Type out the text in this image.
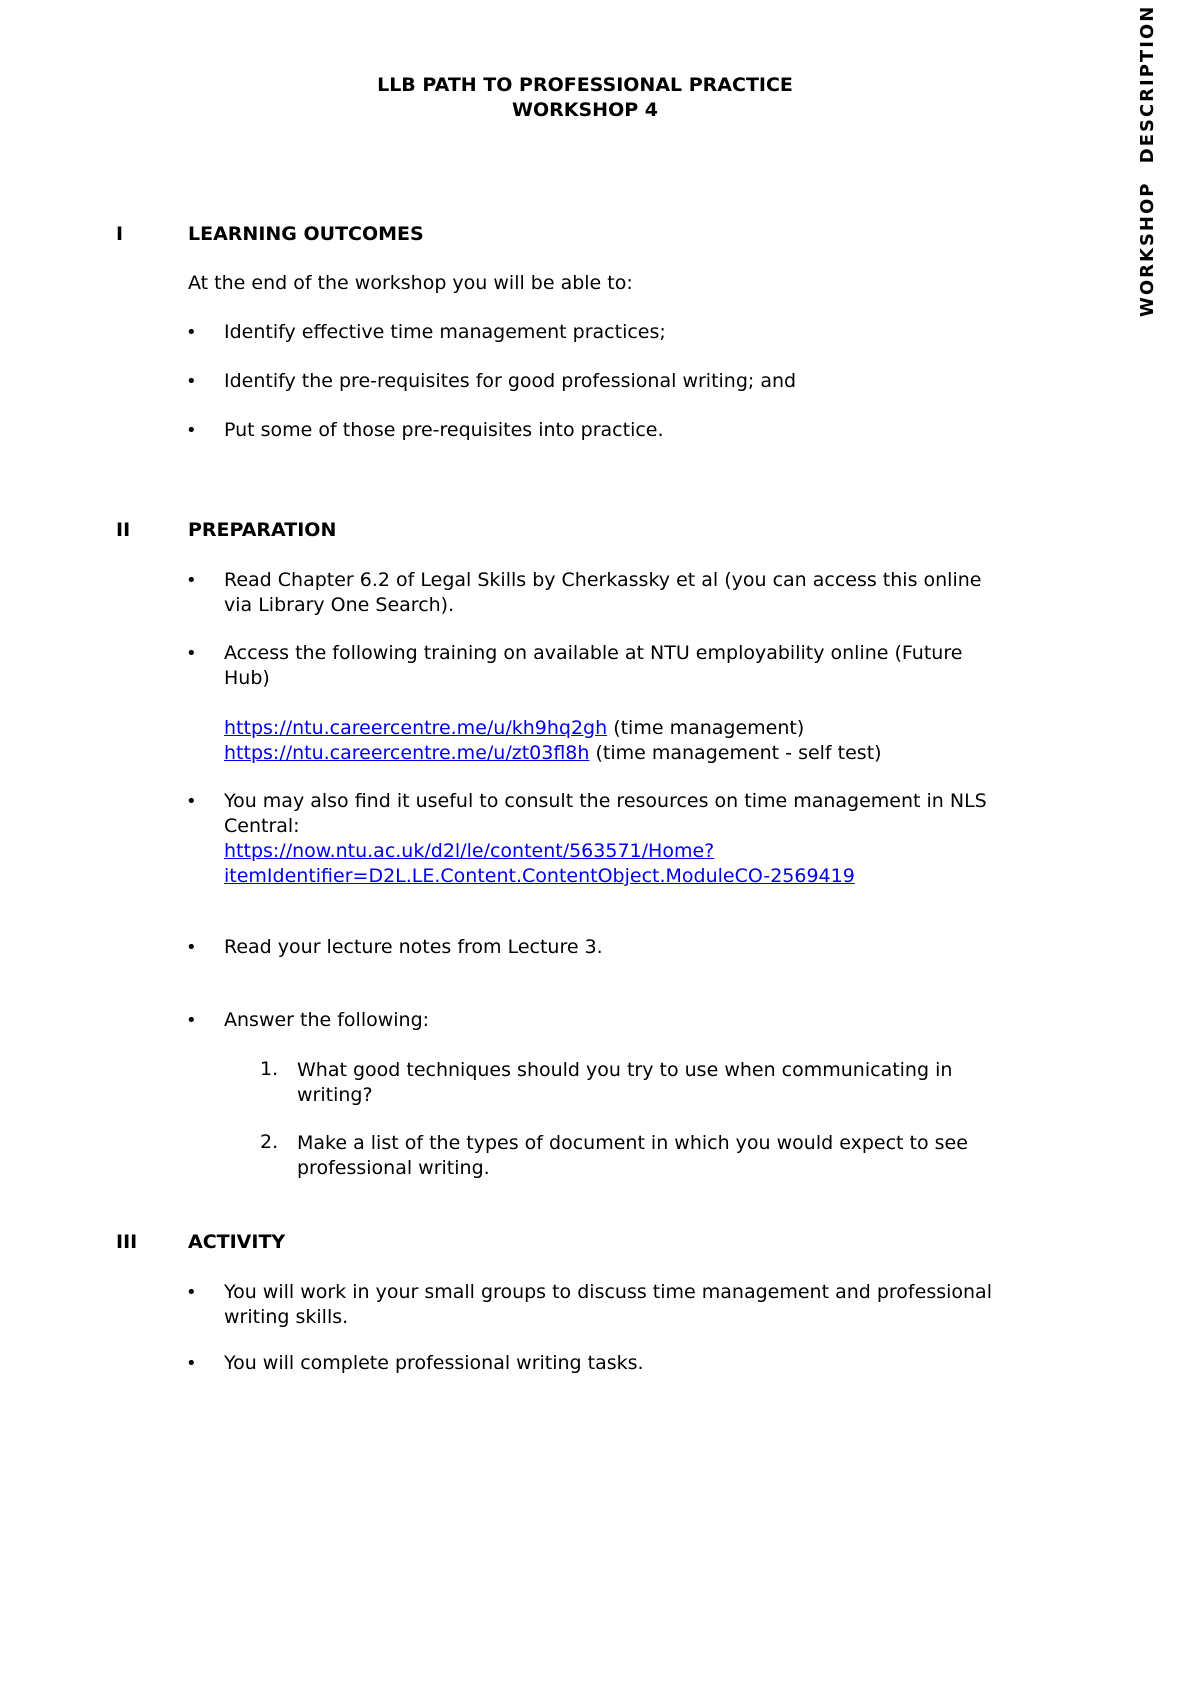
WORKSHOP DESCRIPTION
LLB PATH TO PROFESSIONAL PRACTICE
WORKSHOP 4
I	LEARNING OUTCOMES
At the end of the workshop you will be able to:
• Identify effective time management practices;
• Identify the pre-requisites for good professional writing; and
• Put some of those pre-requisites into practice.
II	PREPARATION
• Read Chapter 6.2 of Legal Skills by Cherkassky et al (you can access this online
via Library One Search).
• Access the following training on available at NTU employability online (Future
Hub)
https://ntu.careercentre.me/u/kh9hq2gh (time management)
https://ntu.careercentre.me/u/zt03fl8h (time management - self test)
• You may also find it useful to consult the resources on time management in NLS
Central:
https://now.ntu.ac.uk/d2l/le/content/563571/Home?
itemIdentifier=D2L.LE.Content.ContentObject.ModuleCO-2569419
• Read your lecture notes from Lecture 3.
• Answer the following:
1. What good techniques should you try to use when communicating in
writing?
2. Make a list of the types of document in which you would expect to see
professional writing.
III	ACTIVITY
• You will work in your small groups to discuss time management and professional
writing skills.
• You will complete professional writing tasks.
